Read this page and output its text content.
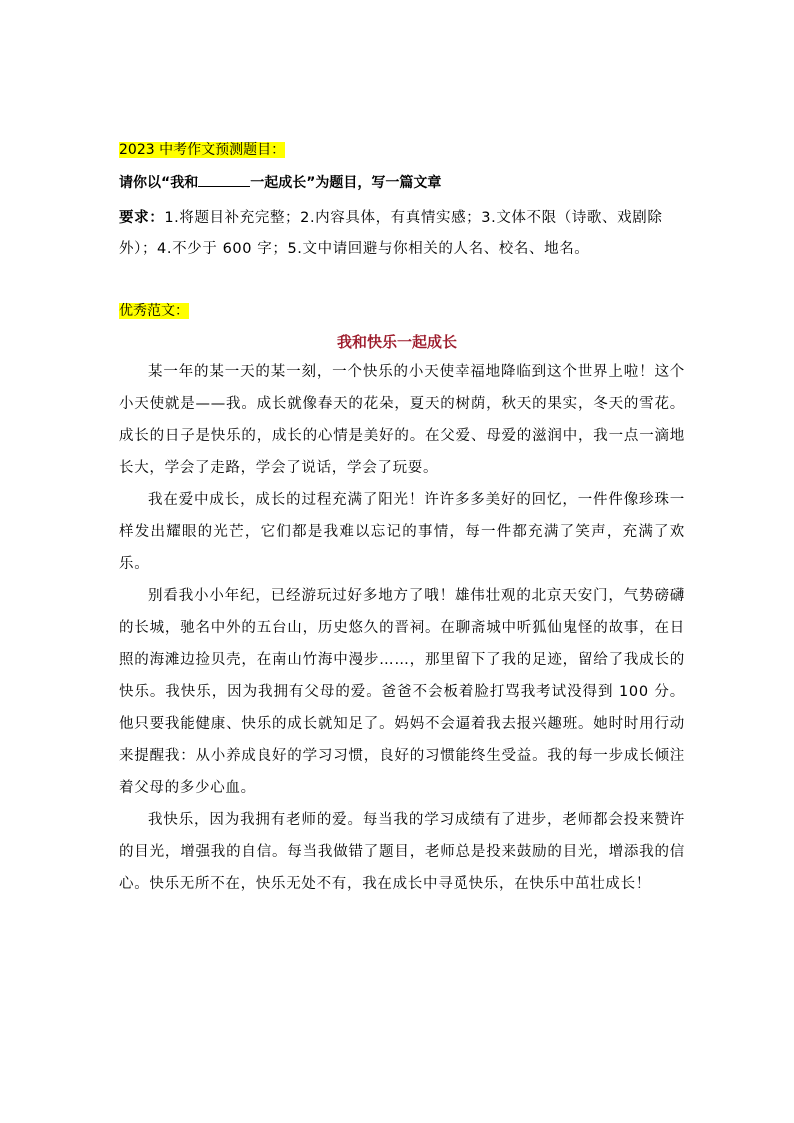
2023 中考作文预测题目：
请你以“我和	一起成长”为题目，写一篇文章
要求：1.将题目补充完整；2.内容具体，有真情实感；3.文体不限（诗歌、戏剧除外）；4.不少于 600 字；5.文中请回避与你相关的人名、校名、地名。
优秀范文：
我和快乐一起成长

某一年的某一天的某一刻，一个快乐的小天使幸福地降临到这个世界上啦！这个小天使就是——我。成长就像春天的花朵，夏天的树荫，秋天的果实，冬天的雪花。成长的日子是快乐的，成长的心情是美好的。在父爱、母爱的滋润中，我一点一滴地长大，学会了走路，学会了说话，学会了玩耍。

我在爱中成长，成长的过程充满了阳光！许许多多美好的回忆，一件件像珍珠一样发出耀眼的光芒，它们都是我难以忘记的事情，每一件都充满了笑声，充满了欢乐。

别看我小小年纪，已经游玩过好多地方了哦！雄伟壮观的北京天安门，气势磅礴的长城，驰名中外的五台山，历史悠久的晋祠。在聊斋城中听狐仙鬼怪的故事，在日照的海滩边捡贝壳，在南山竹海中漫步……，那里留下了我的足迹，留给了我成长的快乐。我快乐，因为我拥有父母的爱。爸爸不会板着脸打骂我考试没得到 100 分。他只要我能健康、快乐的成长就知足了。妈妈不会逼着我去报兴趣班。她时时用行动来提醒我：从小养成良好的学习习惯，良好的习惯能终生受益。我的每一步成长倾注着父母的多少心血。

我快乐，因为我拥有老师的爱。每当我的学习成绩有了进步，老师都会投来赞许的目光，增强我的自信。每当我做错了题目，老师总是投来鼓励的目光，增添我的信心。快乐无所不在，快乐无处不有，我在成长中寻觅快乐，在快乐中茁壮成长！
